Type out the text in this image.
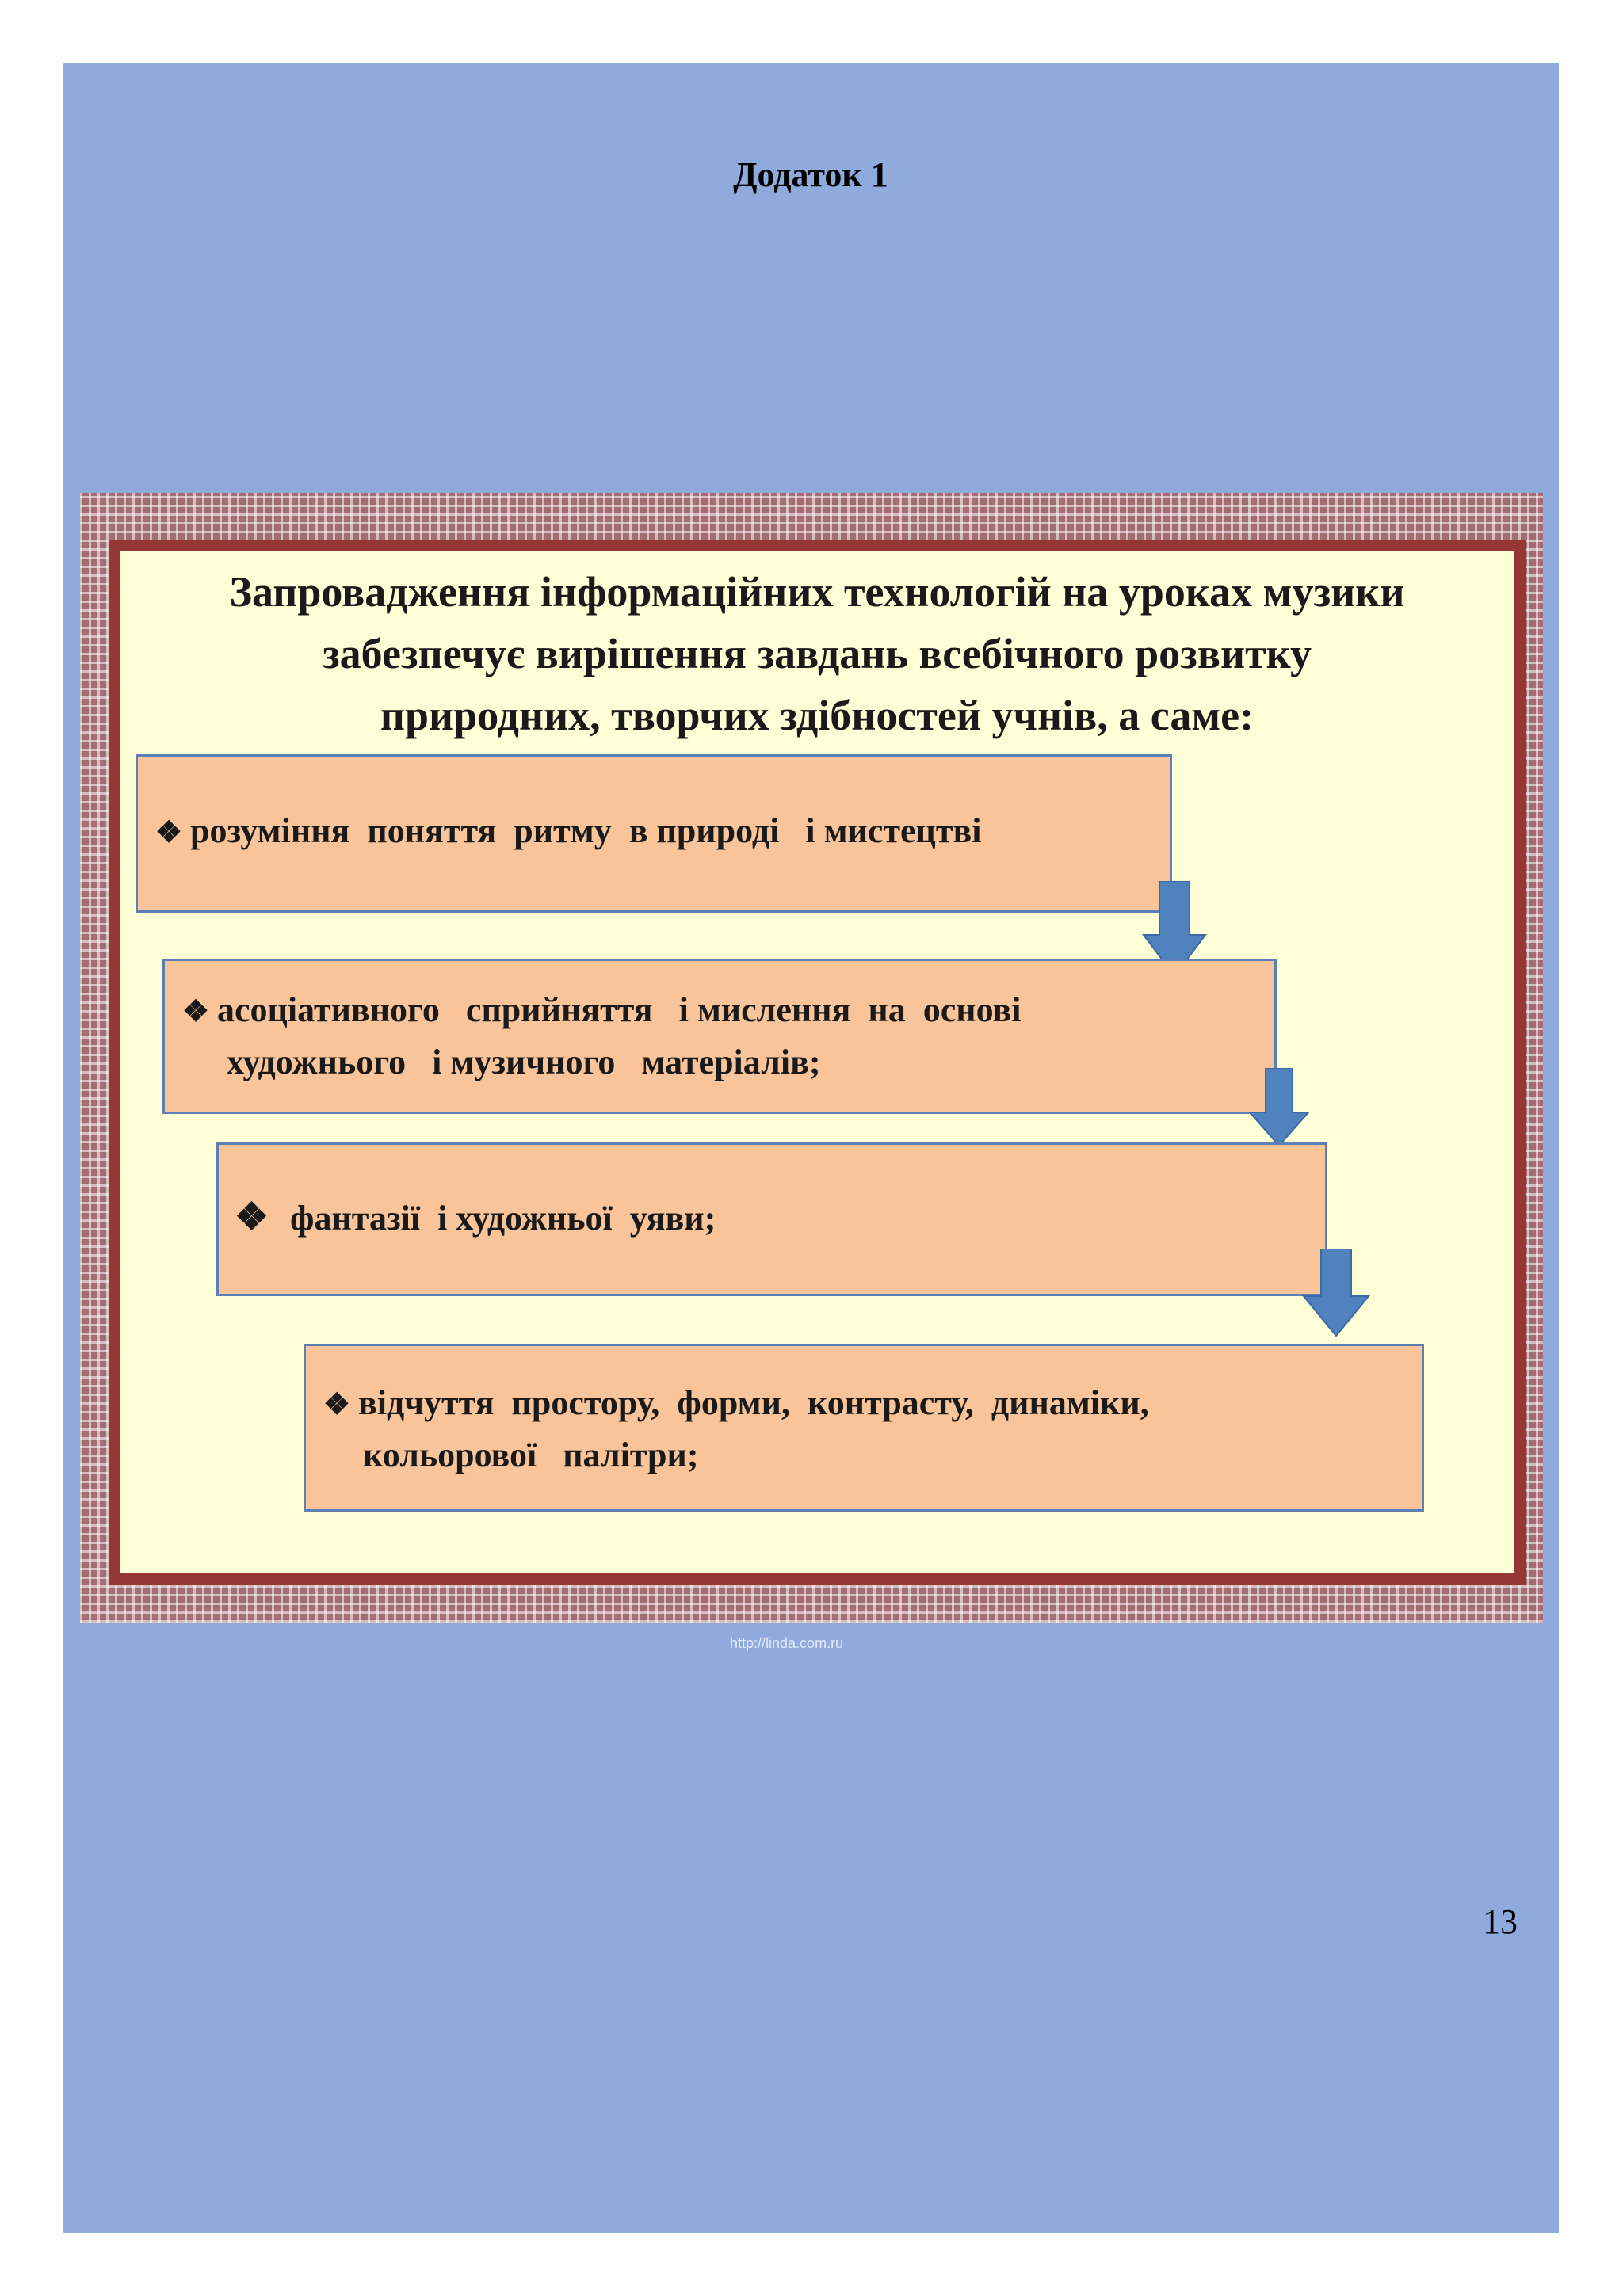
Додаток 1
Запровадження інформаційних технологій на уроках музики
забезпечує вирішення завдань всебічного розвитку
природних, творчих здібностей учнів, а саме:
❖ розуміння  поняття  ритму  в природі   і мистецтві
❖ асоціативного   сприйняття   і мислення  на  основі
художнього   і музичного   матеріалів;
❖ фантазії  і художньої  уяви;
❖ відчуття  простору,  форми,  контрасту,  динаміки,
кольорової   палітри;
http://linda.com.ru
13
